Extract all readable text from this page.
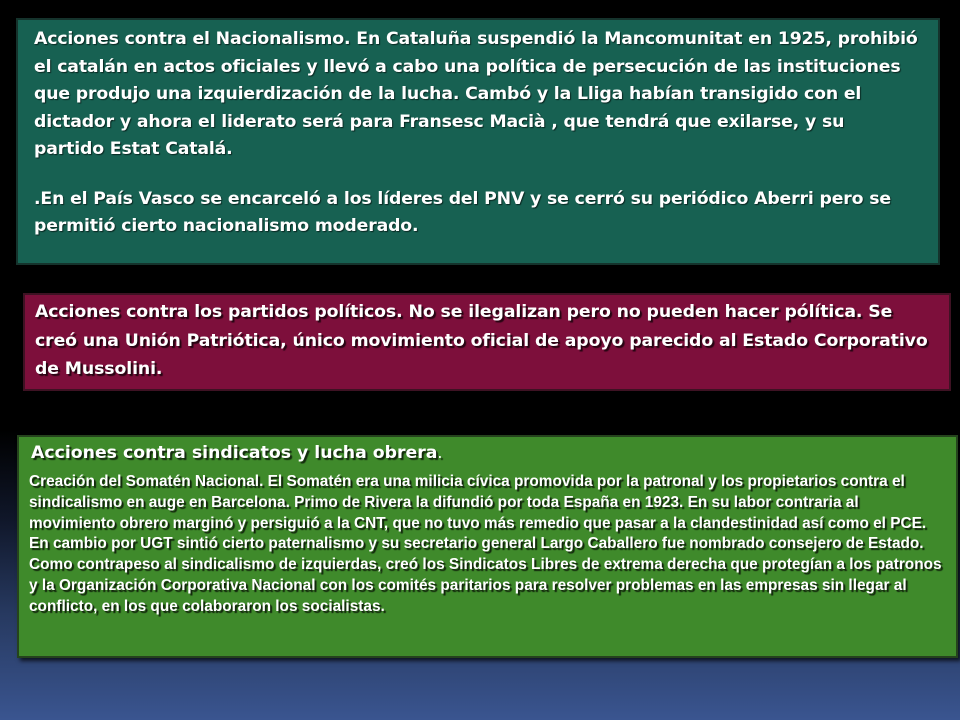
Acciones contra el Nacionalismo. En Cataluña suspendió la Mancomunitat en 1925, prohibió el catalán en actos oficiales y llevó a cabo una política de persecución de las instituciones que produjo una izquierdización de la lucha. Cambó y la Lliga habían transigido con el dictador y ahora el liderato será para Fransesc Macià , que tendrá que exilarse, y su partido Estat Catalá.

.En el País Vasco se encarceló a los líderes del PNV y se cerró su periódico Aberri pero se permitió cierto nacionalismo moderado.

Acciones contra los partidos políticos. No se ilegalizan pero no pueden hacer pólítica. Se creó una Unión Patriótica, único movimiento oficial de apoyo parecido al Estado Corporativo de Mussolini.

Acciones contra sindicatos y lucha obrera.

Creación del Somatén Nacional. El Somatén era una milicia cívica promovida por la patronal y los propietarios contra el sindicalismo en auge en Barcelona. Primo de Rivera la difundió por toda España en 1923. En su labor contraria al movimiento obrero marginó y persiguió a la CNT, que no tuvo más remedio que pasar a la clandestinidad así como el PCE. En cambio por UGT sintió cierto paternalismo y su secretario general Largo Caballero fue nombrado consejero de Estado. Como contrapeso al sindicalismo de izquierdas, creó los Sindicatos Libres de extrema derecha que protegían a los patronos y la Organización Corporativa Nacional con los comités paritarios para resolver problemas en las empresas sin llegar al conflicto, en los que colaboraron los socialistas.
